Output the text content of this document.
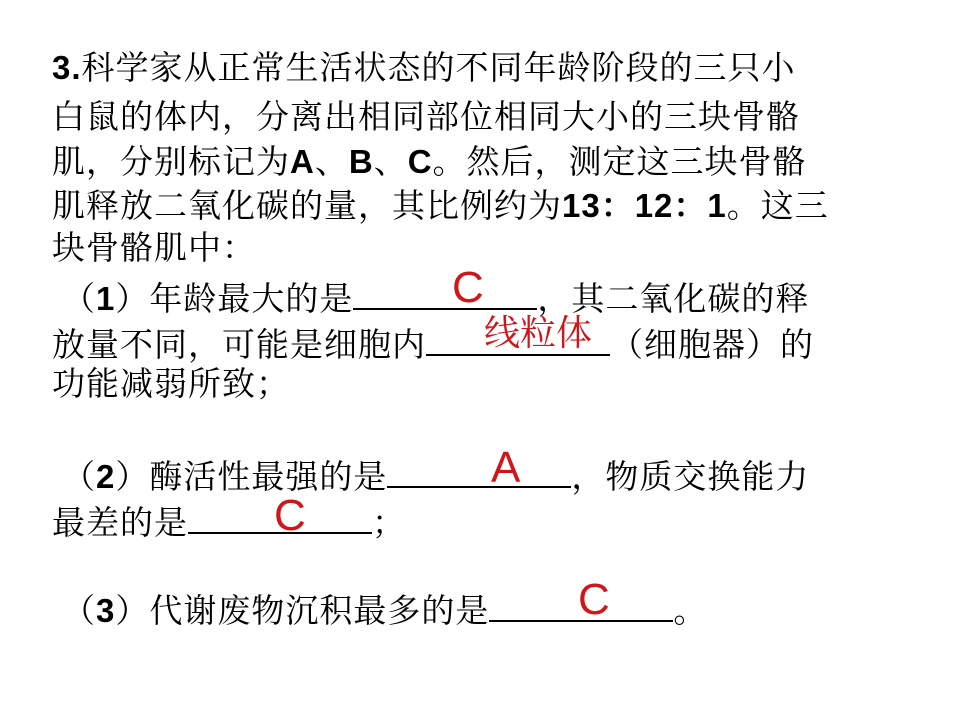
3.科学家从正常生活状态的不同年龄阶段的三只小
白鼠的体内，分离出相同部位相同大小的三块骨骼
肌，分别标记为A、B、C。然后，测定这三块骨骼
肌释放二氧化碳的量，其比例约为13：12：1。这三
块骨骼肌中：
（1）年龄最大的是	，其二氧化碳的释
放量不同，可能是细胞内	（细胞器）的
功能减弱所致；
（2）酶活性最强的是	，物质交换能力
最差的是	；
（3）代谢废物沉积最多的是	。
C
线粒体
A
C
C
